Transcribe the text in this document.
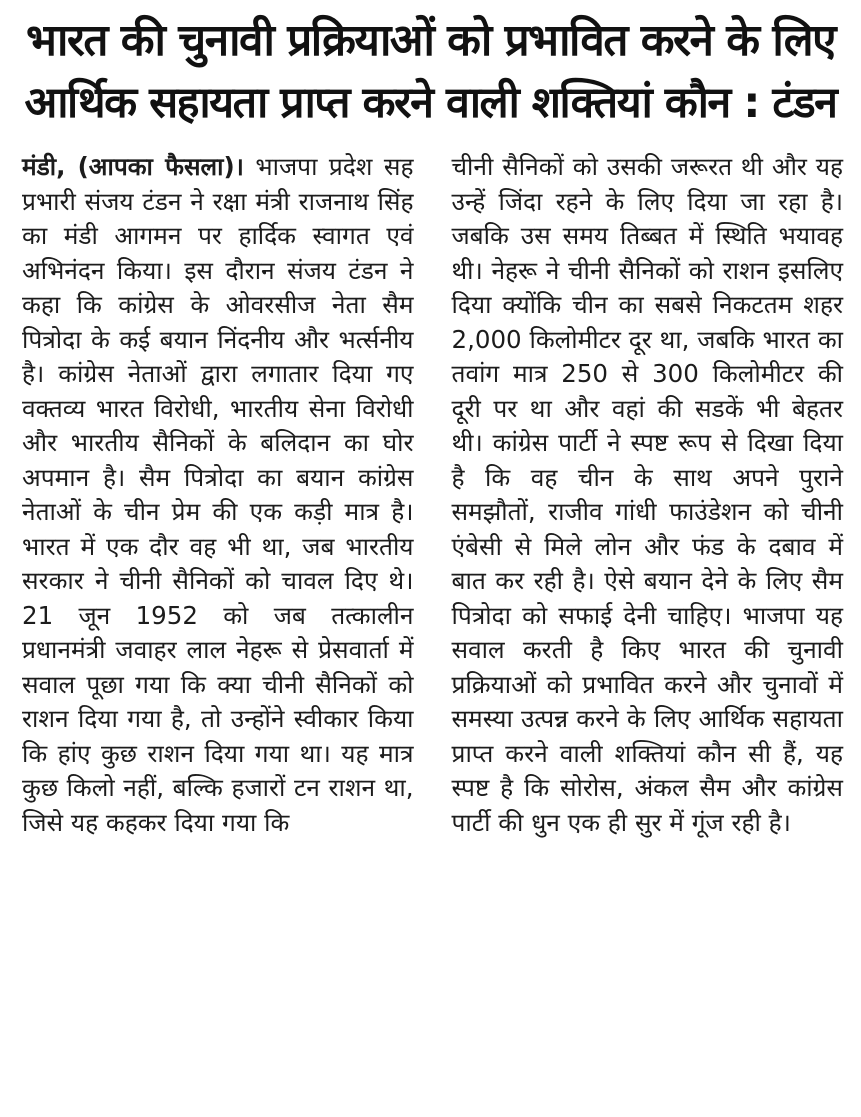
भारत की चुनावी प्रक्रियाओं को प्रभावित करने के लिए
आर्थिक सहायता प्राप्त करने वाली शक्तियां कौन : टंडन

मंडी, (आपका फैसला)। भाजपा प्रदेश सह प्रभारी संजय टंडन ने रक्षा मंत्री राजनाथ सिंह का मंडी आगमन पर हार्दिक स्वागत एवं अभिनंदन किया। इस दौरान संजय टंडन ने कहा कि कांग्रेस के ओवरसीज नेता सैम पित्रोदा के कई बयान निंदनीय और भर्त्सनीय है। कांग्रेस नेताओं द्वारा लगातार दिया गए वक्तव्य भारत विरोधी, भारतीय सेना विरोधी और भारतीय सैनिकों के बलिदान का घोर अपमान है। सैम पित्रोदा का बयान कांग्रेस नेताओं के चीन प्रेम की एक कड़ी मात्र है। भारत में एक दौर वह भी था, जब भारतीय सरकार ने चीनी सैनिकों को चावल दिए थे। 21 जून 1952 को जब तत्कालीन प्रधानमंत्री जवाहर लाल नेहरू से प्रेसवार्ता में सवाल पूछा गया कि क्या चीनी सैनिकों को राशन दिया गया है, तो उन्होंने स्वीकार किया कि हांए कुछ राशन दिया गया था। यह मात्र कुछ किलो नहीं, बल्कि हजारों टन राशन था, जिसे यह कहकर दिया गया कि

चीनी सैनिकों को उसकी जरूरत थी और यह उन्हें जिंदा रहने के लिए दिया जा रहा है। जबकि उस समय तिब्बत में स्थिति भयावह थी। नेहरू ने चीनी सैनिकों को राशन इसलिए दिया क्योंकि चीन का सबसे निकटतम शहर 2,000 किलोमीटर दूर था, जबकि भारत का तवांग मात्र 250 से 300 किलोमीटर की दूरी पर था और वहां की सडकें भी बेहतर थी। कांग्रेस पार्टी ने स्पष्ट रूप से दिखा दिया है कि वह चीन के साथ अपने पुराने समझौतों, राजीव गांधी फाउंडेशन को चीनी एंबेसी से मिले लोन और फंड के दबाव में बात कर रही है। ऐसे बयान देने के लिए सैम पित्रोदा को सफाई देनी चाहिए। भाजपा यह सवाल करती है किए भारत की चुनावी प्रक्रियाओं को प्रभावित करने और चुनावों में समस्या उत्पन्न करने के लिए आर्थिक सहायता प्राप्त करने वाली शक्तियां कौन सी हैं, यह स्पष्ट है कि सोरोस, अंकल सैम और कांग्रेस पार्टी की धुन एक ही सुर में गूंज रही है।
